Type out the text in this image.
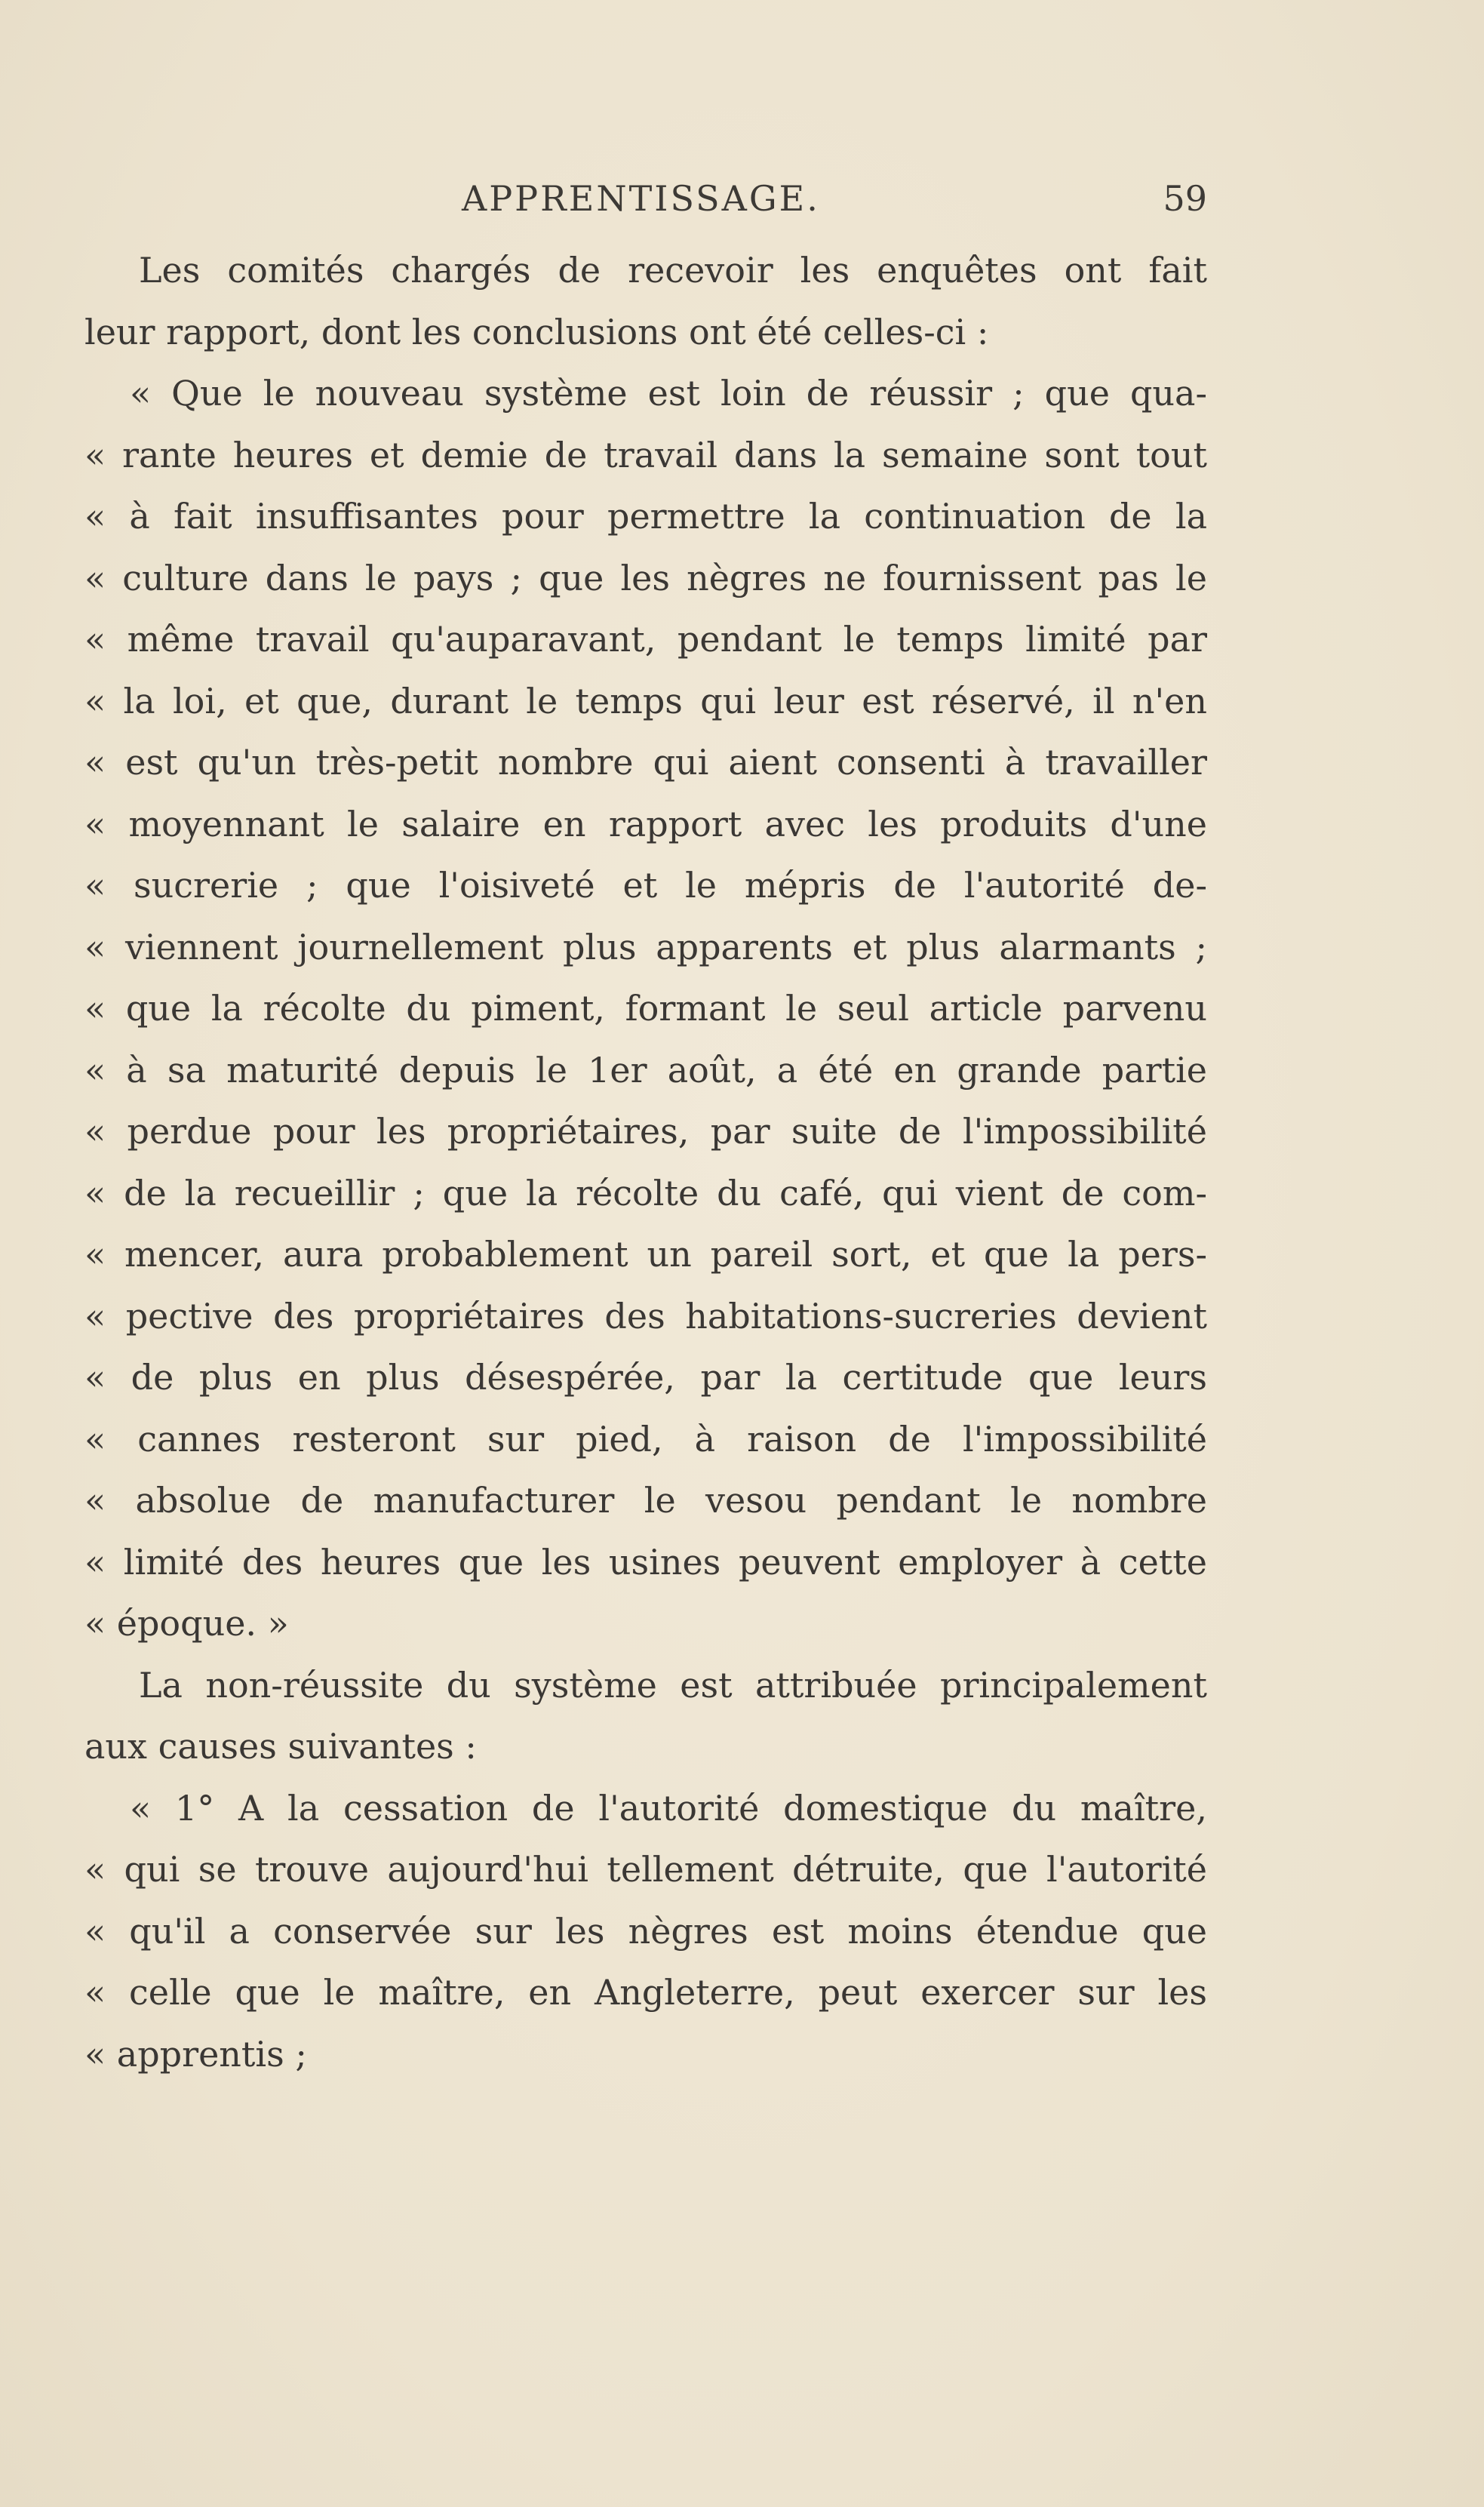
APPRENTISSAGE.	59
Les comités chargés de recevoir les enquêtes ont fait
leur rapport, dont les conclusions ont été celles-ci :
« Que le nouveau système est loin de réussir ; que qua-
« rante heures et demie de travail dans la semaine sont tout
« à fait insuffisantes pour permettre la continuation de la
« culture dans le pays ; que les nègres ne fournissent pas le
« même travail qu'auparavant, pendant le temps limité par
« la loi, et que, durant le temps qui leur est réservé, il n'en
« est qu'un très-petit nombre qui aient consenti à travailler
« moyennant le salaire en rapport avec les produits d'une
« sucrerie ; que l'oisiveté et le mépris de l'autorité de-
« viennent journellement plus apparents et plus alarmants ;
« que la récolte du piment, formant le seul article parvenu
« à sa maturité depuis le 1er août, a été en grande partie
« perdue pour les propriétaires, par suite de l'impossibilité
« de la recueillir ; que la récolte du café, qui vient de com-
« mencer, aura probablement un pareil sort, et que la pers-
« pective des propriétaires des habitations-sucreries devient
« de plus en plus désespérée, par la certitude que leurs
« cannes resteront sur pied, à raison de l'impossibilité
« absolue de manufacturer le vesou pendant le nombre
« limité des heures que les usines peuvent employer à cette
« époque. »
La non-réussite du système est attribuée principalement
aux causes suivantes :
« 1° A la cessation de l'autorité domestique du maître,
« qui se trouve aujourd'hui tellement détruite, que l'autorité
« qu'il a conservée sur les nègres est moins étendue que
« celle que le maître, en Angleterre, peut exercer sur les
« apprentis ;
